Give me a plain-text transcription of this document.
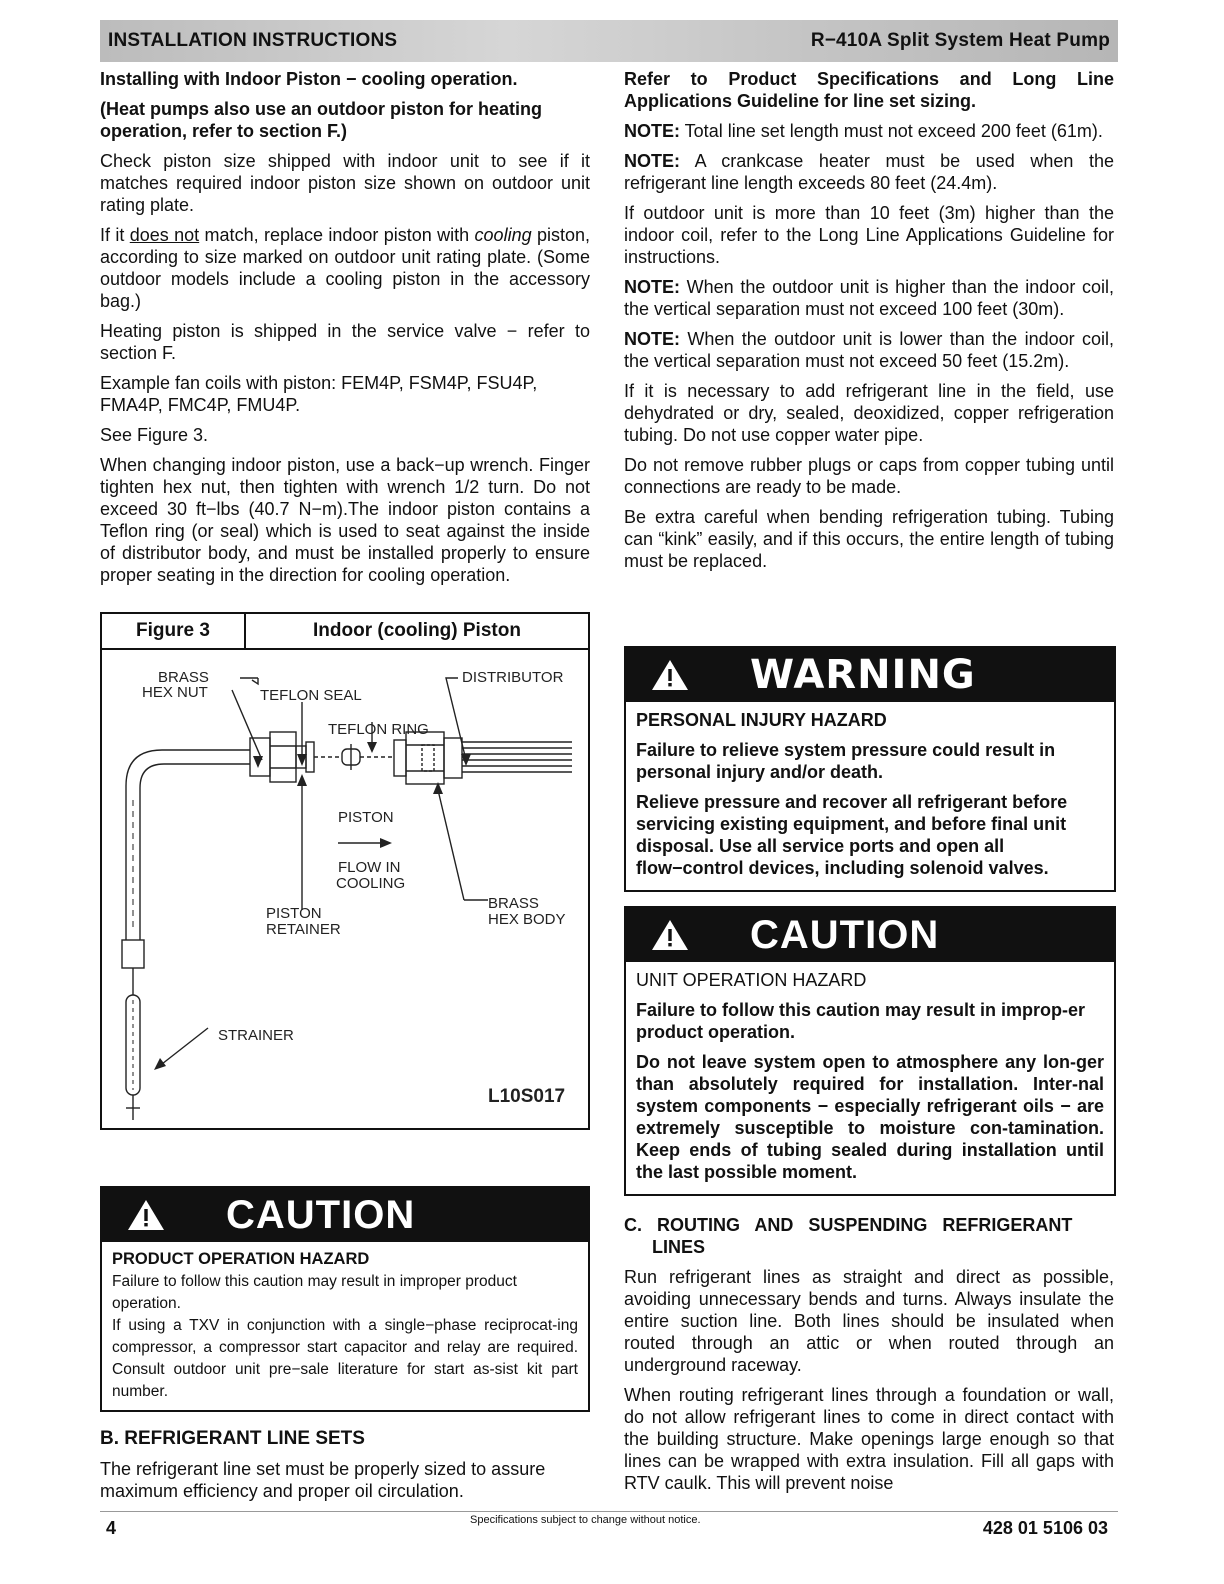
INSTALLATION INSTRUCTIONS	R−410A Split System Heat Pump

Installing with Indoor Piston − cooling operation.

(Heat pumps also use an outdoor piston for heating operation, refer to section F.)

Check piston size shipped with indoor unit to see if it matches required indoor piston size shown on outdoor unit rating plate.

If it does not match, replace indoor piston with cooling piston, according to size marked on outdoor unit rating plate. (Some outdoor models include a cooling piston in the accessory bag.)

Heating piston is shipped in the service valve − refer to section F.

Example fan coils with piston: FEM4P, FSM4P, FSU4P, FMA4P, FMC4P, FMU4P.

See Figure 3.

When changing indoor piston, use a back−up wrench. Finger tighten hex nut, then tighten with wrench 1/2 turn. Do not exceed 30 ft−lbs (40.7 N−m).The indoor piston contains a Teflon ring (or seal) which is used to seat against the inside of distributor body, and must be installed properly to ensure proper seating in the direction for cooling operation.

Figure 3	Indoor (cooling) Piston
BRASS
HEX NUT	TEFLON SEAL
TEFLON RING
DISTRIBUTOR
PISTON
FLOW IN
COOLING
PISTON
RETAINER
BRASS
HEX BODY
STRAINER
L10S017
CAUTION
PRODUCT OPERATION HAZARD

Failure to follow this caution may result in improper product operation.

If using a TXV in conjunction with a single−phase reciprocat-ing compressor, a compressor start capacitor and relay are required. Consult outdoor unit pre−sale literature for start as-sist kit part number.

B. REFRIGERANT LINE SETS

The refrigerant line set must be properly sized to assure maximum efficiency and proper oil circulation.

Refer to Product Specifications and Long Line Applications Guideline for line set sizing.

NOTE: Total line set length must not exceed 200 feet (61m).

NOTE: A crankcase heater must be used when the refrigerant line length exceeds 80 feet (24.4m).

If outdoor unit is more than 10 feet (3m) higher than the indoor coil, refer to the Long Line Applications Guideline for instructions.

NOTE: When the outdoor unit is higher than the indoor coil, the vertical separation must not exceed 100 feet (30m).

NOTE: When the outdoor unit is lower than the indoor coil, the vertical separation must not exceed 50 feet (15.2m).

If it is necessary to add refrigerant line in the field, use dehydrated or dry, sealed, deoxidized, copper refrigeration tubing. Do not use copper water pipe.

Do not remove rubber plugs or caps from copper tubing until connections are ready to be made.

Be extra careful when bending refrigeration tubing. Tubing can “kink” easily, and if this occurs, the entire length of tubing must be replaced.

WARNING
PERSONAL INJURY HAZARD
Failure to relieve system pressure could result in personal injury and/or death.
Relieve pressure and recover all refrigerant before servicing existing equipment, and before final unit disposal. Use all service ports and open all flow−control devices, including solenoid valves.
CAUTION
UNIT OPERATION HAZARD
Failure to follow this caution may result in improp-er product operation.
Do not leave system open to atmosphere any lon-ger than absolutely required for installation. Inter-nal system components − especially refrigerant oils − are extremely susceptible to moisture con-tamination. Keep ends of tubing sealed during installation until the last possible moment.

C. ROUTING AND SUSPENDING REFRIGERANT

LINES

Run refrigerant lines as straight and direct as possible, avoiding unnecessary bends and turns. Always insulate the entire suction line. Both lines should be insulated when routed through an attic or when routed through an underground raceway.

When routing refrigerant lines through a foundation or wall, do not allow refrigerant lines to come in direct contact with the building structure. Make openings large enough so that lines can be wrapped with extra insulation. Fill all gaps with RTV caulk. This will prevent noise

4	Specifications subject to change without notice.	428 01 5106 03
